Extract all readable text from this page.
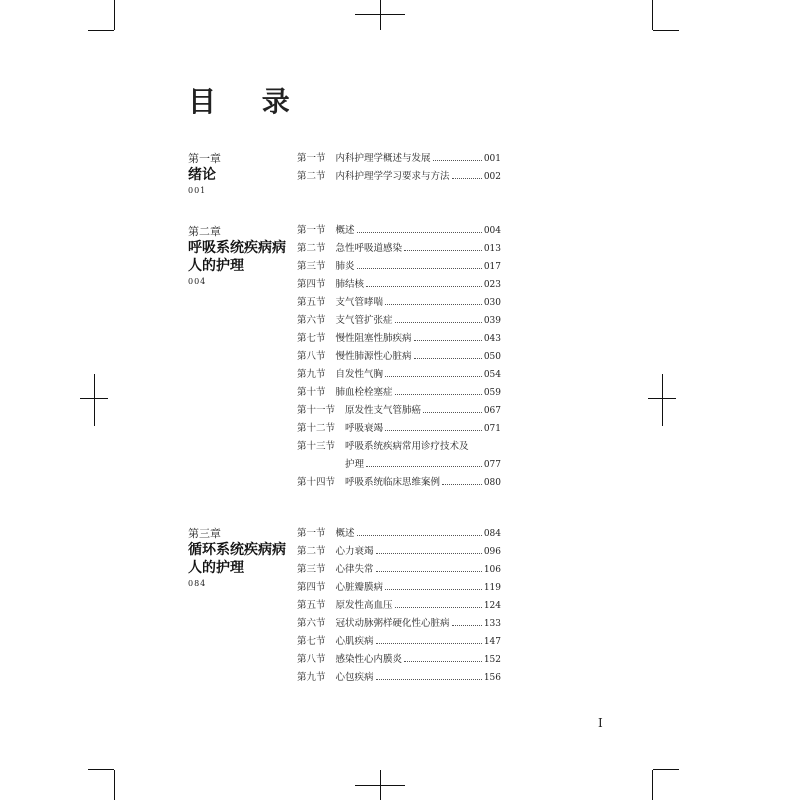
目 录
第一章
绪论
001
第一节 内科护理学概述与发展	001
第二节 内科护理学学习要求与方法	002
第二章
呼吸系统疾病病
人的护理
004
第一节 概述	004
第二节 急性呼吸道感染	013
第三节 肺炎	017
第四节 肺结核	023
第五节 支气管哮喘	030
第六节 支气管扩张症	039
第七节 慢性阻塞性肺疾病	043
第八节 慢性肺源性心脏病	050
第九节 自发性气胸	054
第十节 肺血栓栓塞症	059
第十一节 原发性支气管肺癌	067
第十二节 呼吸衰竭	071
第十三节 呼吸系统疾病常用诊疗技术及
护理	077
第十四节 呼吸系统临床思维案例	080
第三章
循环系统疾病病
人的护理
084
第一节 概述	084
第二节 心力衰竭	096
第三节 心律失常	106
第四节 心脏瓣膜病	119
第五节 原发性高血压	124
第六节 冠状动脉粥样硬化性心脏病	133
第七节 心肌疾病	147
第八节 感染性心内膜炎	152
第九节 心包疾病	156
I
